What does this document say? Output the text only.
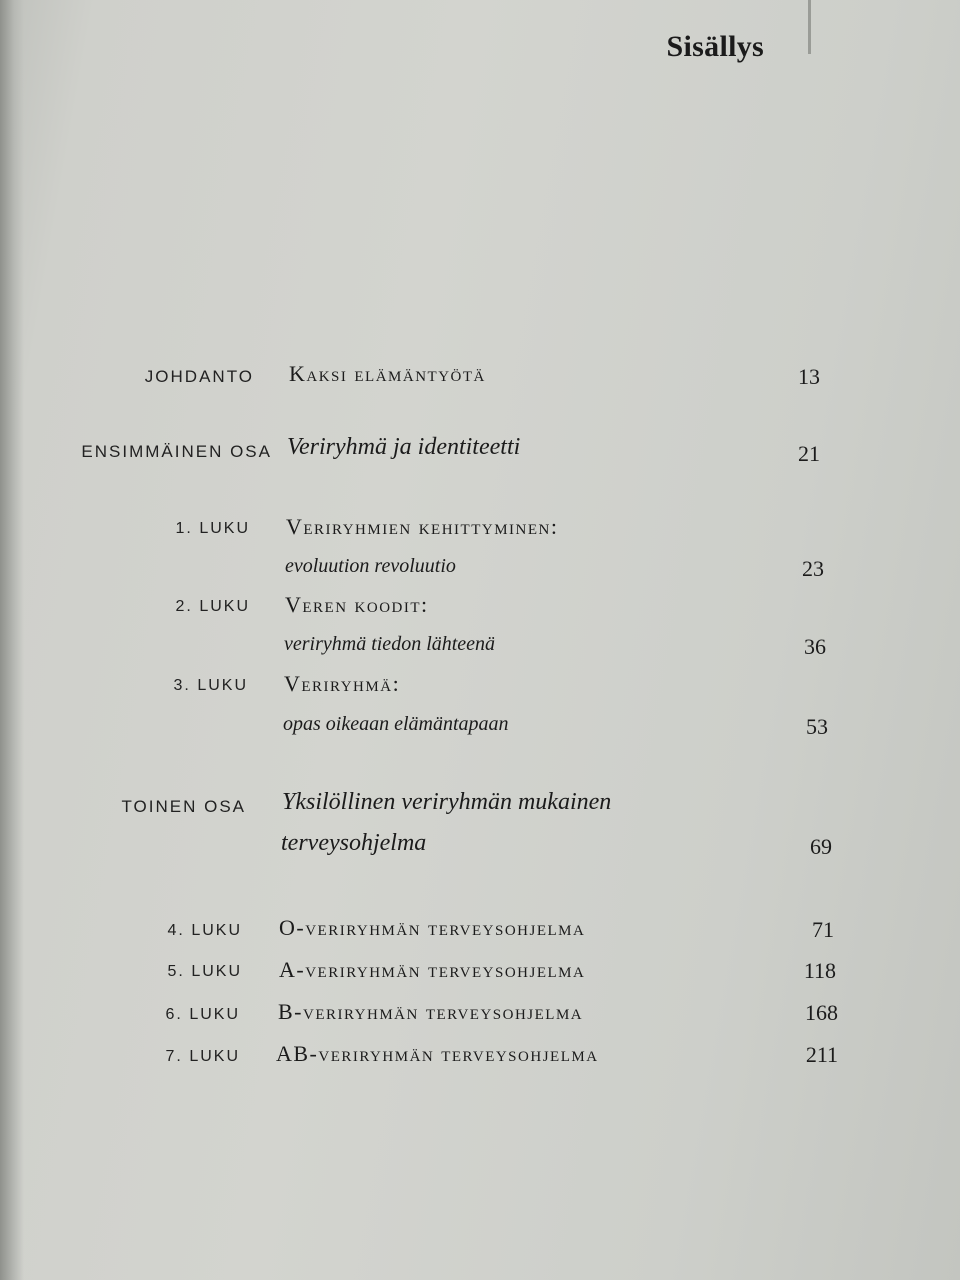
Sisällys
JOHDANTO Kaksi elämäntyötä	13
ENSIMMÄINEN OSA Veriryhmä ja identiteetti	21
1. LUKU Veriryhmien kehittyminen:
evoluution revoluutio	23
2. LUKU Veren koodit:
veriryhmä tiedon lähteenä	36
3. LUKU Veriryhmä:
opas oikeaan elämäntapaan	53
TOINEN OSA Yksilöllinen veriryhmän mukainen
terveysohjelma	69
4. LUKU O-veriryhmän terveysohjelma	71
5. LUKU A-veriryhmän terveysohjelma	118
6. LUKU B-veriryhmän terveysohjelma	168
7. LUKU AB-veriryhmän terveysohjelma	211
